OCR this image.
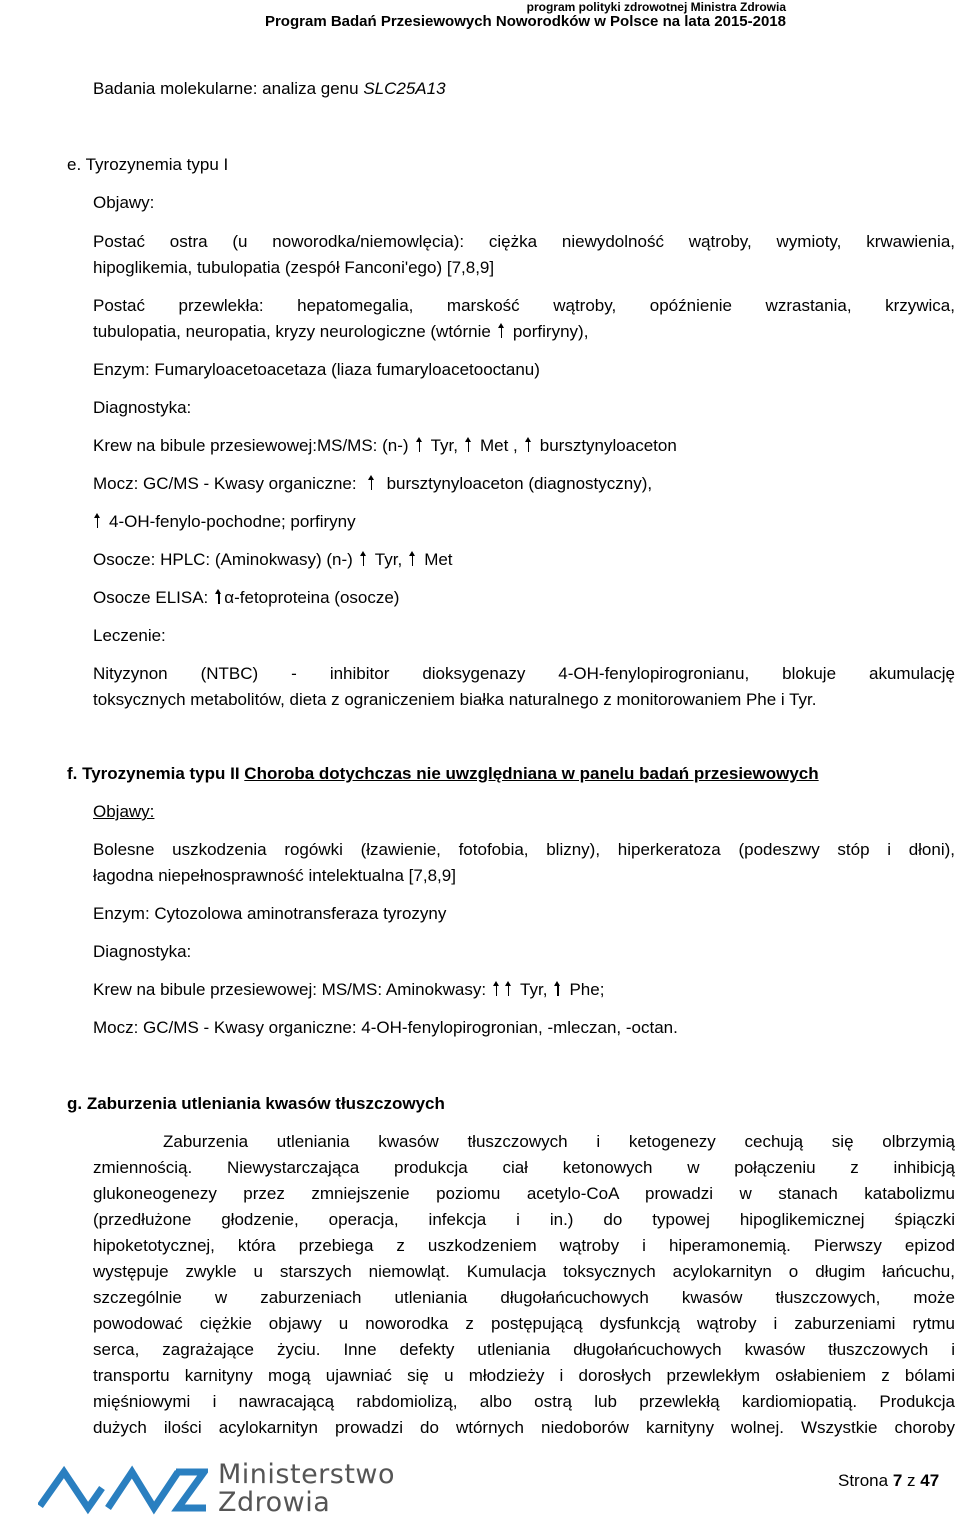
program polityki zdrowotnej Ministra Zdrowia
Program Badań Przesiewowych Noworodków w Polsce na lata 2015-2018
Badania molekularne: analiza genu SLC25A13
e. Tyrozynemia typu I
Objawy:
Postać ostra (u noworodka/niemowlęcia): ciężka niewydolność wątroby, wymioty, krwawienia,
hipoglikemia, tubulopatia (zespół Fanconi'ego) [7,8,9]
Postać przewlekła: hepatomegalia, marskość wątroby, opóźnienie wzrastania, krzywica,
tubulopatia, neuropatia, kryzy neurologiczne (wtórnie porfiryny),
Enzym: Fumaryloacetoacetaza (liaza fumaryloacetooctanu)
Diagnostyka:
Krew na bibule przesiewowej:MS/MS: (n-) Tyr, Met , bursztynyloaceton
Mocz: GC/MS - Kwasy organiczne: bursztynyloaceton (diagnostyczny),
4-OH-fenylo-pochodne; porfiryny
Osocze: HPLC: (Aminokwasy) (n-) Tyr, Met
Osocze ELISA: α-fetoproteina (osocze)
Leczenie:
Nityzynon (NTBC) - inhibitor dioksygenazy 4-OH-fenylopirogronianu, blokuje akumulację
toksycznych metabolitów, dieta z ograniczeniem białka naturalnego z monitorowaniem Phe i Tyr.
f. Tyrozynemia typu II Choroba dotychczas nie uwzględniana w panelu badań przesiewowych
Objawy:
Bolesne uszkodzenia rogówki (łzawienie, fotofobia, blizny), hiperkeratoza (podeszwy stóp i dłoni),
łagodna niepełnosprawność intelektualna [7,8,9]
Enzym: Cytozolowa aminotransferaza tyrozyny
Diagnostyka:
Krew na bibule przesiewowej: MS/MS: Aminokwasy: Tyr, Phe;
Mocz: GC/MS - Kwasy organiczne: 4-OH-fenylopirogronian, -mleczan, -octan.
g. Zaburzenia utleniania kwasów tłuszczowych
Zaburzenia utleniania kwasów tłuszczowych i ketogenezy cechują się olbrzymią
zmiennością. Niewystarczająca produkcja ciał ketonowych w połączeniu z inhibicją
glukoneogenezy przez zmniejszenie poziomu acetylo-CoA prowadzi w stanach katabolizmu
(przedłużone głodzenie, operacja, infekcja i in.) do typowej hipoglikemicznej śpiączki
hipoketotycznej, która przebiega z uszkodzeniem wątroby i hiperamonemią. Pierwszy epizod
występuje zwykle u starszych niemowląt. Kumulacja toksycznych acylokarnityn o długim łańcuchu,
szczególnie w zaburzeniach utleniania długołańcuchowych kwasów tłuszczowych, może
powodować ciężkie objawy u noworodka z postępującą dysfunkcją wątroby i zaburzeniami rytmu
serca, zagrażające życiu. Inne defekty utleniania długołańcuchowych kwasów tłuszczowych i
transportu karnityny mogą ujawniać się u młodzieży i dorosłych przewlekłym osłabieniem z bólami
mięśniowymi i nawracającą rabdomiolizą, albo ostrą lub przewlekłą kardiomiopatią. Produkcja
dużych ilości acylokarnityn prowadzi do wtórnych niedoborów karnityny wolnej. Wszystkie choroby
Ministerstwo
Zdrowia
Strona 7 z 47
